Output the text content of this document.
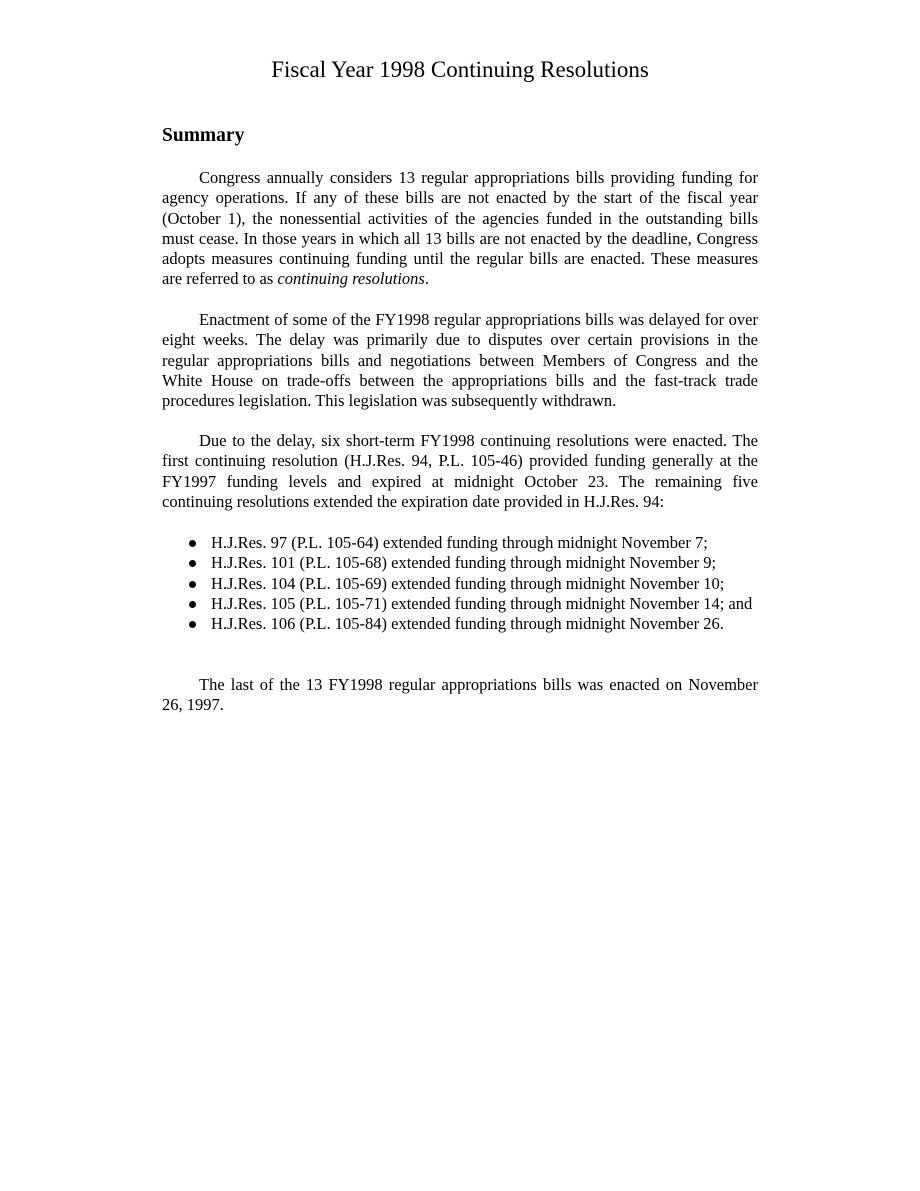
Fiscal Year 1998 Continuing Resolutions
Summary

Congress annually considers 13 regular appropriations bills providing funding for agency operations. If any of these bills are not enacted by the start of the fiscal year (October 1), the nonessential activities of the agencies funded in the outstanding bills must cease. In those years in which all 13 bills are not enacted by the deadline, Congress adopts measures continuing funding until the regular bills are enacted. These measures are referred to as continuing resolutions.

Enactment of some of the FY1998 regular appropriations bills was delayed for over eight weeks. The delay was primarily due to disputes over certain provisions in the regular appropriations bills and negotiations between Members of Congress and the White House on trade-offs between the appropriations bills and the fast-track trade procedures legislation. This legislation was subsequently withdrawn.

Due to the delay, six short-term FY1998 continuing resolutions were enacted. The first continuing resolution (H.J.Res. 94, P.L. 105-46) provided funding generally at the FY1997 funding levels and expired at midnight October 23. The remaining five continuing resolutions extended the expiration date provided in H.J.Res. 94:

H.J.Res. 97 (P.L. 105-64) extended funding through midnight November 7;
H.J.Res. 101 (P.L. 105-68) extended funding through midnight November 9;
H.J.Res. 104 (P.L. 105-69) extended funding through midnight November 10;
H.J.Res. 105 (P.L. 105-71) extended funding through midnight November 14; and
H.J.Res. 106 (P.L. 105-84) extended funding through midnight November 26.

The last of the 13 FY1998 regular appropriations bills was enacted on November 26, 1997.
